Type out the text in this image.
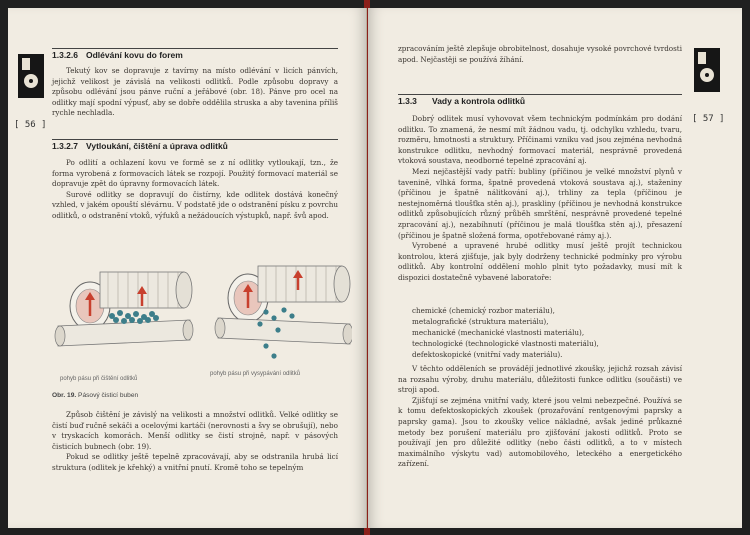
[ 56 ]
1.3.2.6 Odlévání kovu do forem

Tekutý kov se dopravuje z tavírny na místo odlévání v licích pánvích, jejichž velikost je závislá na velikosti odlitků. Podle způsobu dopravy a způsobu odlévání jsou pánve ruční a jeřábové (obr. 18). Pánve pro ocel na odlitky mají spodní výpusť, aby se dobře oddělila struska a aby tavenina příliš rychle nechladla.

1.3.2.7 Vytloukání, čištění a úprava odlitků

Po odlití a ochlazení kovu ve formě se z ní odlitky vytloukají, tzn., že forma vyrobená z formovacích látek se rozpojí. Použitý formovací materiál se dopravuje zpět do úpravny formovacích látek.

Surové odlitky se dopravují do čistírny, kde odlitek dostává konečný vzhled, v jakém opouští slévárnu. V podstatě jde o odstranění písku z povrchu odlitků, o odstranění vtoků, výfuků a nežádoucích výstupků, např. švů apod.

pohyb pásu při čištění odlitků
pohyb pásu při vysypávání odlitků
Obr. 19. Pásový čisticí buben

Způsob čištění je závislý na velikosti a množství odlitků. Velké odlitky se čistí buď ručně sekáči a ocelovými kartáči (nerovnosti a švy se obrušují), nebo v tryskacích komorách. Menší odlitky se čistí strojně, např. v pásových čisticích bubnech (obr. 19).

Pokud se odlitky ještě tepelně zpracovávají, aby se odstranila hrubá licí struktura (odlitek je křehký) a vnitřní pnutí. Kromě toho se tepelným

[ 57 ]

zpracováním ještě zlepšuje obrobitelnost, dosahuje vysoké povrchové tvrdosti apod. Nejčastěji se používá žíhání.

1.3.3 Vady a kontrola odlitků

Dobrý odlitek musí vyhovovat všem technickým podmínkám pro dodání odlitku. To znamená, že nesmí mít žádnou vadu, tj. odchylku vzhledu, tvaru, rozměru, hmotnosti a struktury. Příčinami vzniku vad jsou zejména nevhodná konstrukce odlitku, nevhodný formovací materiál, nesprávně provedená vtoková soustava, neodborné tepelné zpracování aj.

Mezi nejčastější vady patří: bubliny (příčinou je velké množství plynů v tavenině, vlhká forma, špatně provedená vtoková soustava aj.), staženiny (příčinou je špatně nálitkování aj.), trhliny za tepla (příčinou je nestejnoměrná tloušťka stěn aj.), praskliny (příčinou je nevhodná konstrukce odlitků způsobujících různý průběh smrštění, nesprávně provedené tepelné zpracování aj.), nezabíhnutí (příčinou je malá tloušťka stěn aj.), přesazení (příčinou je špatně složená forma, opotřebované rámy aj.).

Vyrobené a upravené hrubé odlitky musí ještě projít technickou kontrolou, která zjišťuje, jak byly dodrženy technické podmínky pro výrobu odlitků. Aby kontrolní oddělení mohlo plnit tyto požadavky, musí mít k dispozici dostatečně vybavené laboratoře:

chemické (chemický rozbor materiálu),
metalografické (struktura materiálu),
mechanické (mechanické vlastnosti materiálu),
technologické (technologické vlastnosti materiálu),
defektoskopické (vnitřní vady materiálu).

V těchto odděleních se provádějí jednotlivé zkoušky, jejichž rozsah závisí na rozsahu výroby, druhu materiálu, důležitosti funkce odlitku (součásti) ve stroji apod.

Zjišťují se zejména vnitřní vady, které jsou velmi nebezpečné. Používá se k tomu defektoskopických zkoušek (prozařování rentgenovými paprsky a paprsky gama). Jsou to zkoušky velice nákladné, avšak jediné průkazné metody bez porušení materiálu pro zjišťování jakosti odlitků. Proto se používají jen pro důležité odlitky (nebo části odlitků, a to v místech maximálního výskytu vad) automobilového, leteckého a energetického zařízení.
